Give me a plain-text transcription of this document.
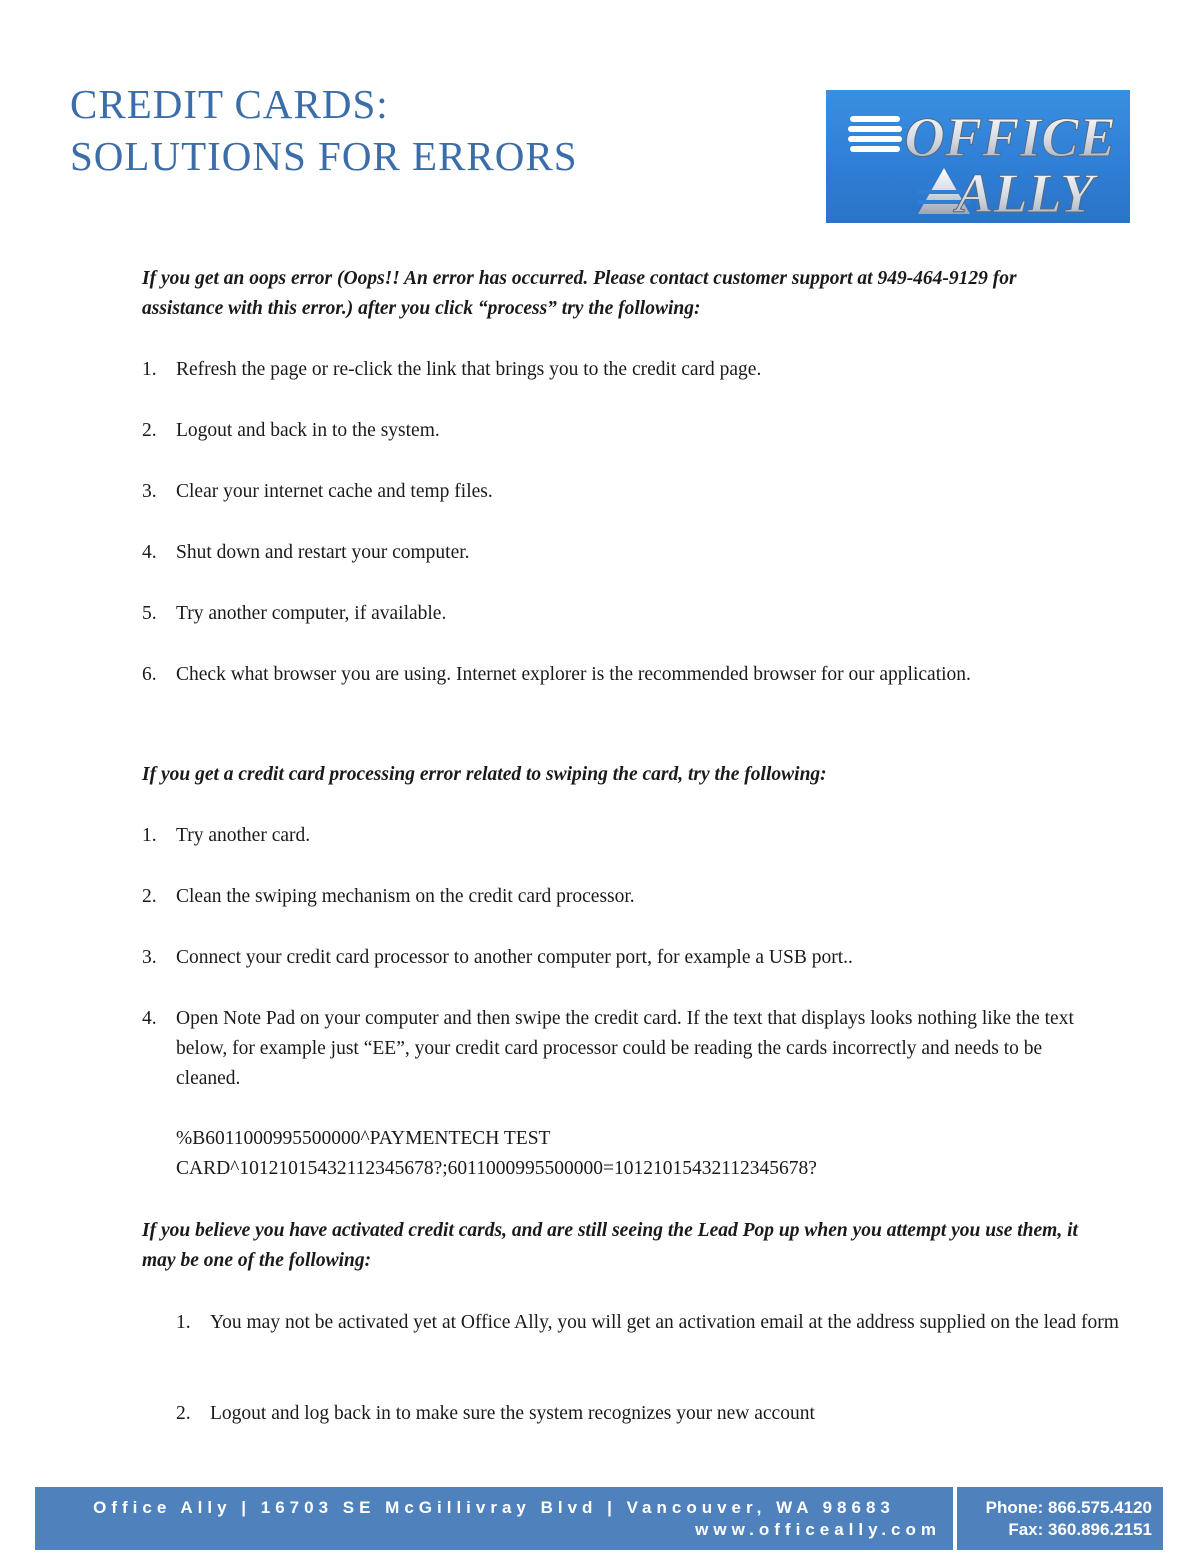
CREDIT CARDS:
SOLUTIONS FOR ERRORS	OFFICE
ALLY

If you get an oops error (Oops!! An error has occurred. Please contact customer support at 949-464-9129 for assistance with this error.) after you click “process” try the following:

1. Refresh the page or re-click the link that brings you to the credit card page.
2. Logout and back in to the system.
3. Clear your internet cache and temp files.
4. Shut down and restart your computer.
5. Try another computer, if available.
6. Check what browser you are using. Internet explorer is the recommended browser for our application.

If you get a credit card processing error related to swiping the card, try the following:

1. Try another card.
2. Clean the swiping mechanism on the credit card processor.
3. Connect your credit card processor to another computer port, for example a USB port..
4. Open Note Pad on your computer and then swipe the credit card. If the text that displays looks nothing like the text below, for example just “EE”, your credit card processor could be reading the cards incorrectly and needs to be cleaned.
%B6011000995500000^PAYMENTECH TEST CARD^10121015432112345678?;6011000995500000=10121015432112345678?

If you believe you have activated credit cards, and are still seeing the Lead Pop up when you attempt you use them, it may be one of the following:

1. You may not be activated yet at Office Ally, you will get an activation email at the address supplied on the lead form
2. Logout and log back in to make sure the system recognizes your new account
Office Ally | 16703 SE McGillivray Blvd | Vancouver, WA 98683
www.officeally.com
Phone: 866.575.4120
Fax: 360.896.2151
